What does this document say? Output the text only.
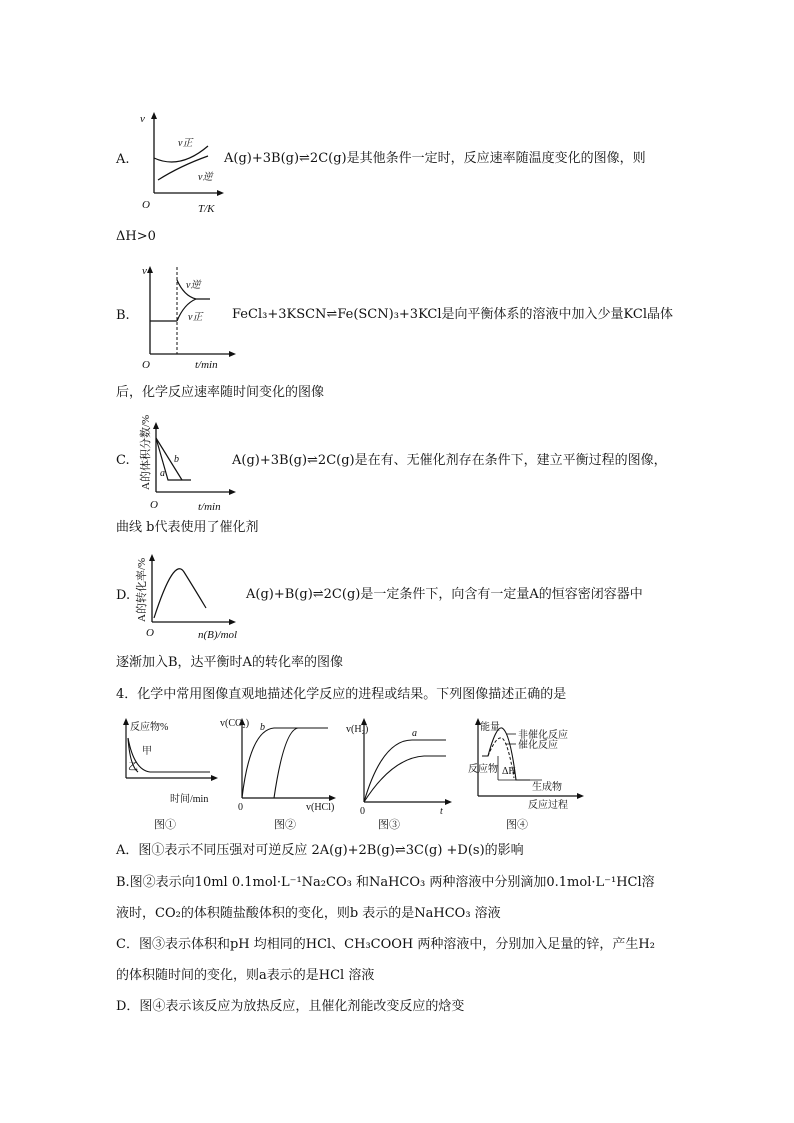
A.
v
O	T/K
v正
v逆
A(g)+3B(g)⇌2C(g)是其他条件一定时，反应速率随温度变化的图像，则
ΔH>0
B.
v
O	t/min
v逆
v正 FeCl₃+3KSCN⇌Fe(SCN)₃+3KCl是向平衡体系的溶液中加入少量KCl晶体
后，化学反应速率随时间变化的图像
C. A的体积分数/%
O	t/min
a
b	A(g)+3B(g)⇌2C(g)是在有、无催化剂存在条件下，建立平衡过程的图像，
曲线 b代表使用了催化剂
D. A的转化率/%
O	n(B)/mol
A(g)+B(g)⇌2C(g)是一定条件下，向含有一定量A的恒容密闭容器中
逐渐加入B，达平衡时A的转化率的图像
4．化学中常用图像直观地描述化学反应的进程或结果。下列图像描述正确的是
反应物%
甲
乙
时间/min
图①
v(CO₂) b
0	v(HCl)
图②
v(H₂)	a
0	t
图③
能量
非催化反应
催化反应
反应物 ΔH
生成物
反应过程
图④
A．图①表示不同压强对可逆反应 2A(g)+2B(g)⇌3C(g) +D(s)的影响
B.图②表示向10ml 0.1mol·L⁻¹Na₂CO₃ 和NaHCO₃ 两种溶液中分别滴加0.1mol·L⁻¹HCl溶
液时，CO₂的体积随盐酸体积的变化，则b 表示的是NaHCO₃ 溶液
C．图③表示体积和pH 均相同的HCl、CH₃COOH 两种溶液中，分别加入足量的锌，产生H₂
的体积随时间的变化，则a表示的是HCl 溶液
D．图④表示该反应为放热反应，且催化剂能改变反应的焓变
